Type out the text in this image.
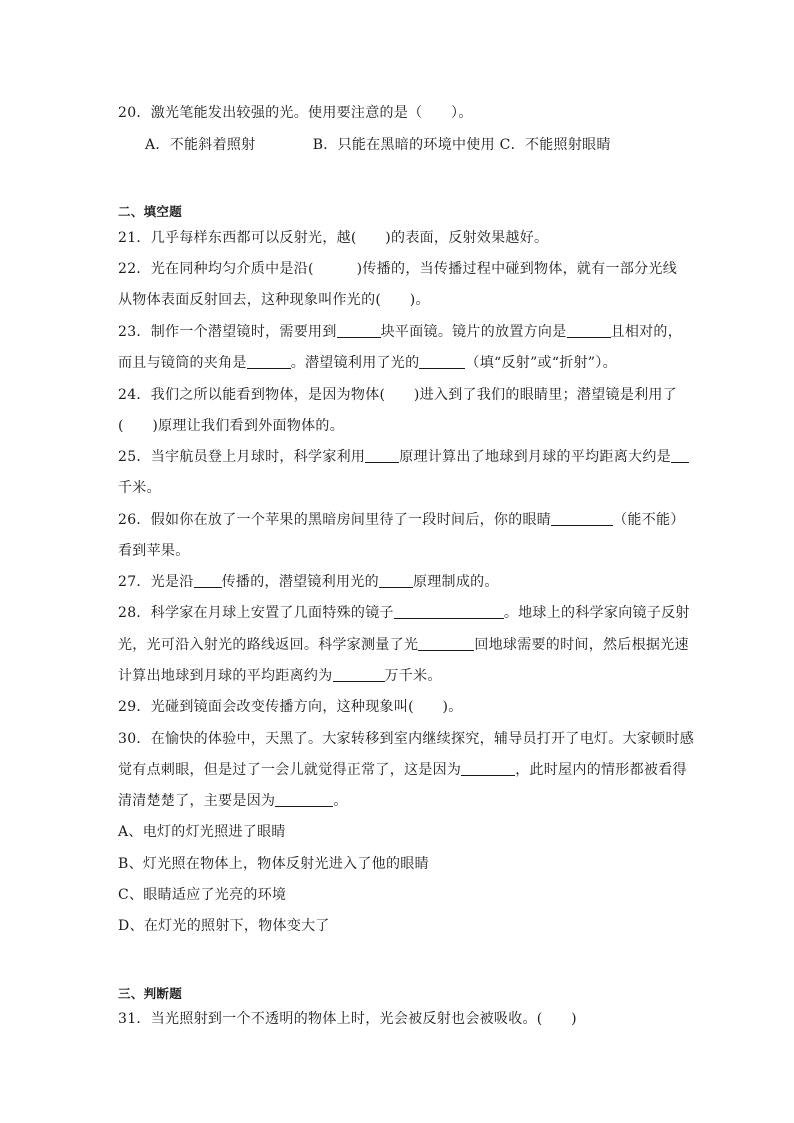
20．激光笔能发出较强的光。使用要注意的是（　　）。
A．不能斜着照射　　　　B．只能在黑暗的环境中使用 C．不能照射眼睛
二、填空题
21．几乎每样东西都可以反射光，越(　　)的表面，反射效果越好。
22．光在同种均匀介质中是沿(　　　)传播的，当传播过程中碰到物体，就有一部分光线
从物体表面反射回去，这种现象叫作光的(　　)。
23．制作一个潜望镜时，需要用到	块平面镜。镜片的放置方向是	且相对的，
而且与镜筒的夹角是	。潜望镜利用了光的	（填“反射”或“折射”）。
24．我们之所以能看到物体，是因为物体(　　)进入到了我们的眼睛里；潜望镜是利用了
(　　)原理让我们看到外面物体的。
25．当宇航员登上月球时，科学家利用 原理计算出了地球到月球的平均距离大约是
千米。
26．假如你在放了一个苹果的黑暗房间里待了一段时间后，你的眼睛	（能不能）
看到苹果。
27．光是沿 传播的，潜望镜利用光的 原理制成的。
28．科学家在月球上安置了几面特殊的镜子	。地球上的科学家向镜子反射
光，光可沿入射光的路线返回。科学家测量了光	回地球需要的时间，然后根据光速
计算出地球到月球的平均距离约为	万千米。
29．光碰到镜面会改变传播方向，这种现象叫(　　)。
30．在愉快的体验中，天黑了。大家转移到室内继续探究，辅导员打开了电灯。大家顿时感
觉有点刺眼，但是过了一会儿就觉得正常了，这是因为	，此时屋内的情形都被看得
清清楚楚了，主要是因为	。
A、电灯的灯光照进了眼睛
B、灯光照在物体上，物体反射光进入了他的眼睛
C、眼睛适应了光亮的环境
D、在灯光的照射下，物体变大了
三、判断题
31．当光照射到一个不透明的物体上时，光会被反射也会被吸收。(　　)
